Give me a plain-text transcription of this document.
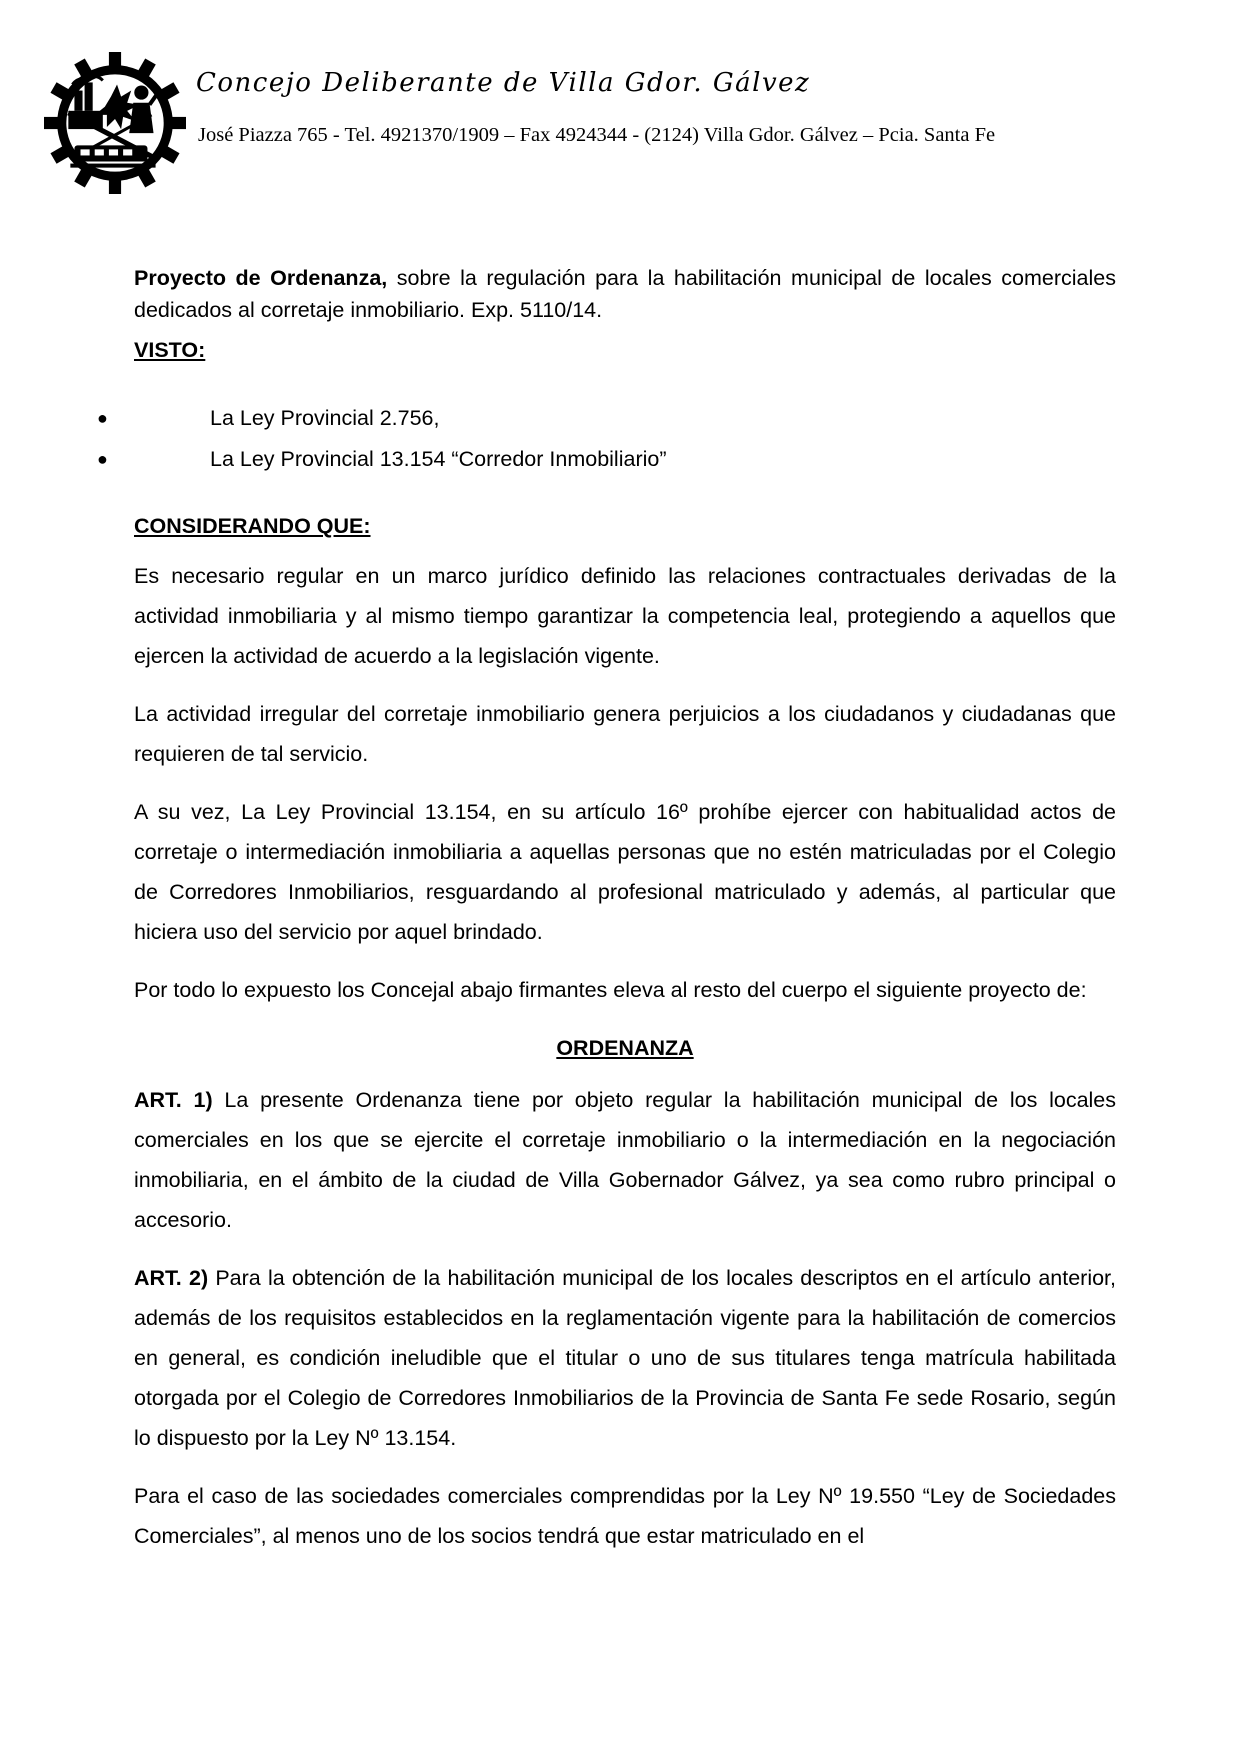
Concejo Deliberante de Villa Gdor. Gálvez
José Piazza 765 - Tel. 4921370/1909 – Fax 4924344 - (2124) Villa Gdor. Gálvez – Pcia. Santa Fe

Proyecto de Ordenanza, sobre la regulación para la habilitación municipal de locales comerciales dedicados al corretaje inmobiliario. Exp. 5110/14.

VISTO:
●	La Ley Provincial 2.756,
●	La Ley Provincial 13.154 “Corredor Inmobiliario”
CONSIDERANDO QUE:

Es necesario regular en un marco jurídico definido las relaciones contractuales derivadas de la actividad inmobiliaria y al mismo tiempo garantizar la competencia leal, protegiendo a aquellos que ejercen la actividad de acuerdo a la legislación vigente.

La actividad irregular del corretaje inmobiliario genera perjuicios a los ciudadanos y ciudadanas que requieren de tal servicio.

A su vez, La Ley Provincial 13.154, en su artículo 16º prohíbe ejercer con habitualidad actos de corretaje o intermediación inmobiliaria a aquellas personas que no estén matriculadas por el Colegio de Corredores Inmobiliarios, resguardando al profesional matriculado y además, al particular que hiciera uso del servicio por aquel brindado.

Por todo lo expuesto los Concejal abajo firmantes eleva al resto del cuerpo el siguiente proyecto de:

ORDENANZA

ART. 1) La presente Ordenanza tiene por objeto regular la habilitación municipal de los locales comerciales en los que se ejercite el corretaje inmobiliario o la intermediación en la negociación inmobiliaria, en el ámbito de la ciudad de Villa Gobernador Gálvez, ya sea como rubro principal o accesorio.

ART. 2) Para la obtención de la habilitación municipal de los locales descriptos en el artículo anterior, además de los requisitos establecidos en la reglamentación vigente para la habilitación de comercios en general, es condición ineludible que el titular o uno de sus titulares tenga matrícula habilitada otorgada por el Colegio de Corredores Inmobiliarios de la Provincia de Santa Fe sede Rosario, según lo dispuesto por la Ley Nº 13.154.

Para el caso de las sociedades comerciales comprendidas por la Ley Nº 19.550 “Ley de Sociedades Comerciales”, al menos uno de los socios tendrá que estar matriculado en el
